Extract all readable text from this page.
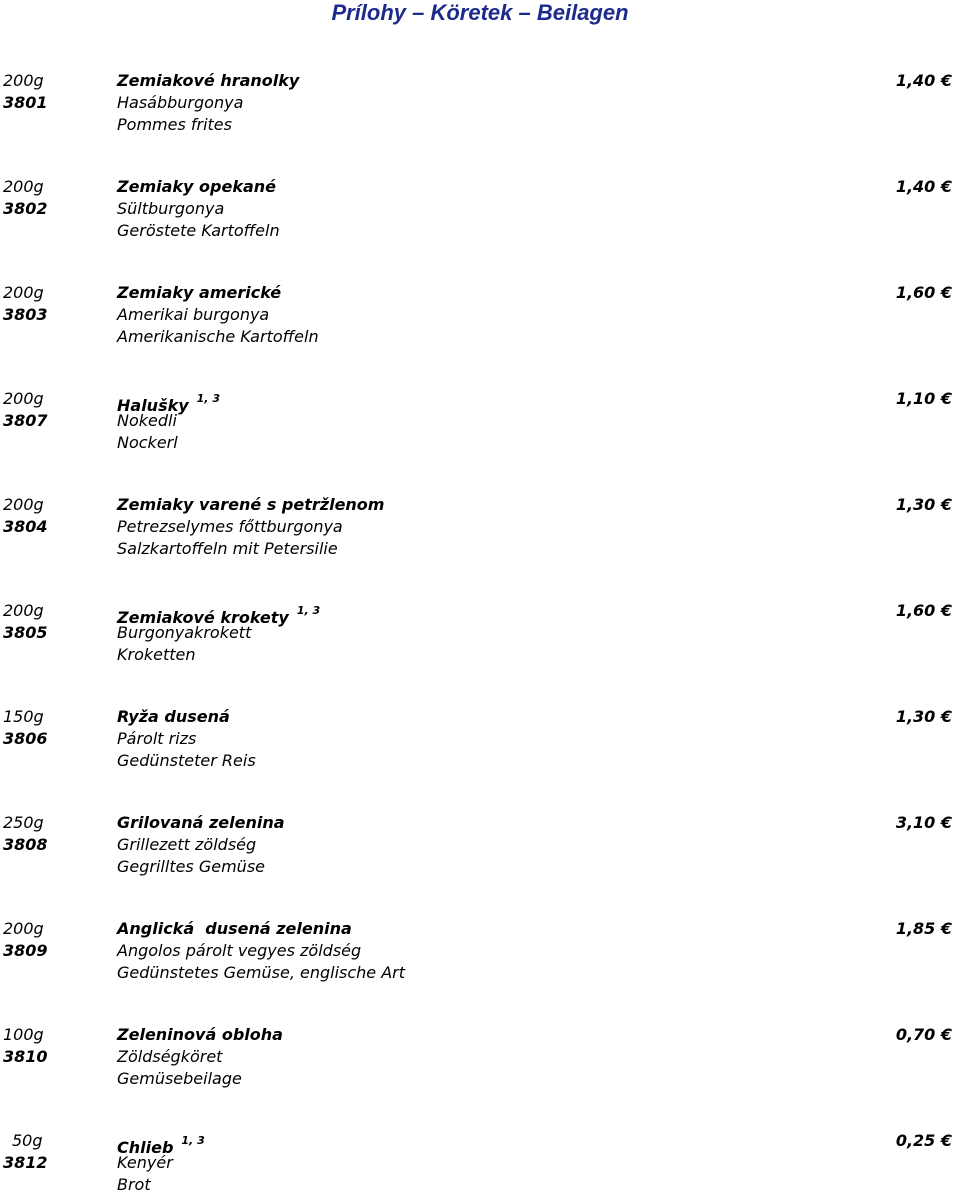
Prílohy – Köretek – Beilagen
200g	Zemiakové hranolky	1,40 €
3801	Hasábburgonya
Pommes frites
200g	Zemiaky opekané	1,40 €
3802	Sültburgonya
Geröstete Kartoffeln
200g	Zemiaky americké	1,60 €
3803	Amerikai burgonya
Amerikanische Kartoffeln
200g	Halušky $^{1, 3}$	1,10 €
3807	Nokedli
Nockerl
200g	Zemiaky varené s petržlenom	1,30 €
3804	Petrezselymes főttburgonya
Salzkartoffeln mit Petersilie
200g	Zemiakové krokety $^{1, 3}$	1,60 €
3805	Burgonyakrokett
Kroketten
150g	Ryža dusená	1,30 €
3806	Párolt rizs
Gedünsteter Reis
250g	Grilovaná zelenina	3,10 €
3808	Grillezett zöldség
Gegrilltes Gemüse
200g	Anglická  dusená zelenina	1,85 €
3809	Angolos párolt vegyes zöldség
Gedünstetes Gemüse, englische Art
100g	Zeleninová obloha	0,70 €
3810	Zöldségköret
Gemüsebeilage
50g	Chlieb $^{1, 3}$	0,25 €
3812	Kenyér
Brot
